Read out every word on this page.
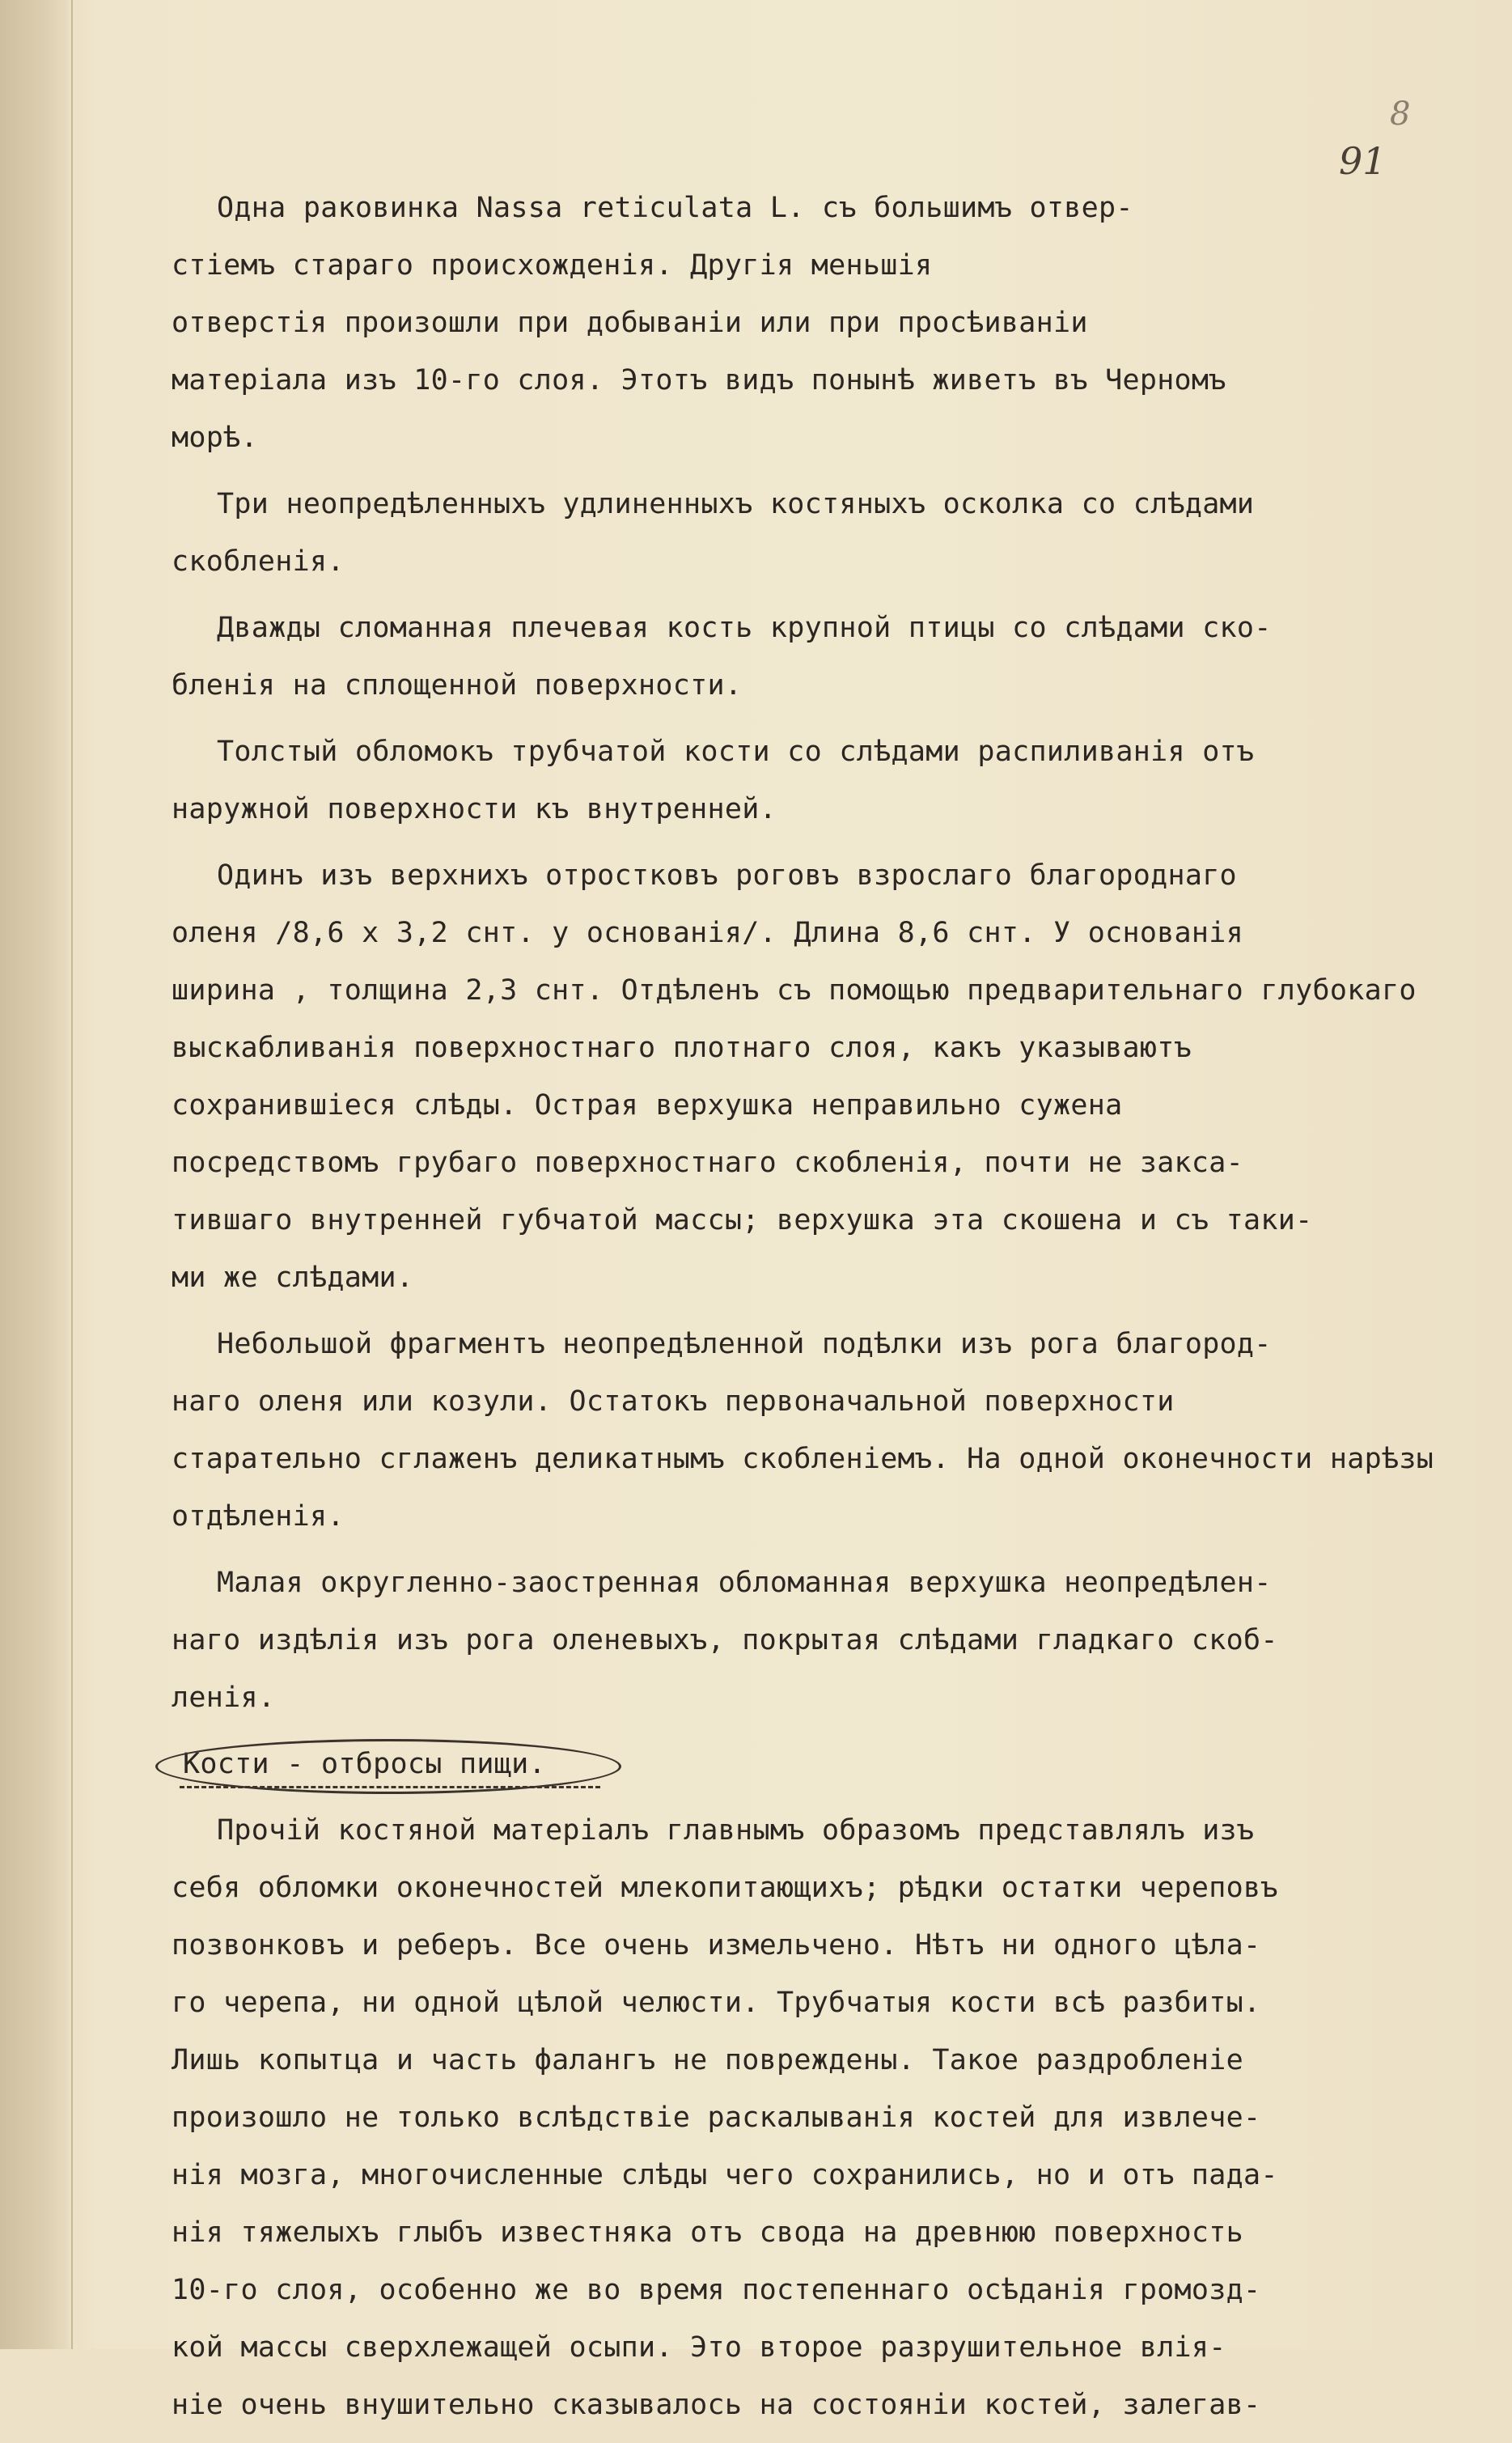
8
91
Одна раковинка Nassa reticulata L. съ большимъ отвер-
стіемъ стараго происхожденія. Другія меньшія
отверстія произошли при добываніи или при просѣиваніи
матеріала изъ 10-го слоя. Этотъ видъ понынѣ живетъ въ Черномъ
морѣ.
Три неопредѣленныхъ удлиненныхъ костяныхъ осколка со слѣдами
скобленія.
Дважды сломанная плечевая кость крупной птицы со слѣдами ско-
бленія на сплощенной поверхности.
Толстый обломокъ трубчатой кости со слѣдами распиливанія отъ
наружной поверхности къ внутренней.
Одинъ изъ верхнихъ отростковъ роговъ взрослаго благороднаго
оленя /8,6 x 3,2 снт. у основанія/. Длина 8,6 снт. У основанія
ширина , толщина 2,3 снт. Отдѣленъ съ помощью предварительнаго глубокаго
выскабливанія поверхностнаго плотнаго слоя, какъ указываютъ
сохранившіеся слѣды. Острая верхушка неправильно сужена
посредствомъ грубаго поверхностнаго скобленія, почти не закса-
тившаго внутренней губчатой массы; верхушка эта скошена и съ таки-
ми же слѣдами.
Небольшой фрагментъ неопредѣленной подѣлки изъ рога благород-
наго оленя или козули. Остатокъ первоначальной поверхности
старательно сглаженъ деликатнымъ скобленіемъ. На одной оконечности нарѣзы
отдѣленія.
Малая округленно-заостренная обломанная верхушка неопредѣлен-
наго издѣлія изъ рога оленевыхъ, покрытая слѣдами гладкаго скоб-
ленія.
Кости - отбросы пищи.
Прочій костяной матеріалъ главнымъ образомъ представлялъ изъ
себя обломки оконечностей млекопитающихъ; рѣдки остатки череповъ
позвонковъ и реберъ. Все очень измельчено. Нѣтъ ни одного цѣла-
го черепа, ни одной цѣлой челюсти. Трубчатыя кости всѣ разбиты.
Лишь копытца и часть фалангъ не повреждены. Такое раздробленіе
произошло не только вслѣдствіе раскалыванія костей для извлече-
нія мозга, многочисленные слѣды чего сохранились, но и отъ пада-
нія тяжелыхъ глыбъ известняка отъ свода на древнюю поверхность
10-го слоя, особенно же во время постепеннаго осѣданія громозд-
кой массы сверхлежащей осыпи. Это второе разрушительное влія-
ніе очень внушительно сказывалось на состояніи костей, залегав-
